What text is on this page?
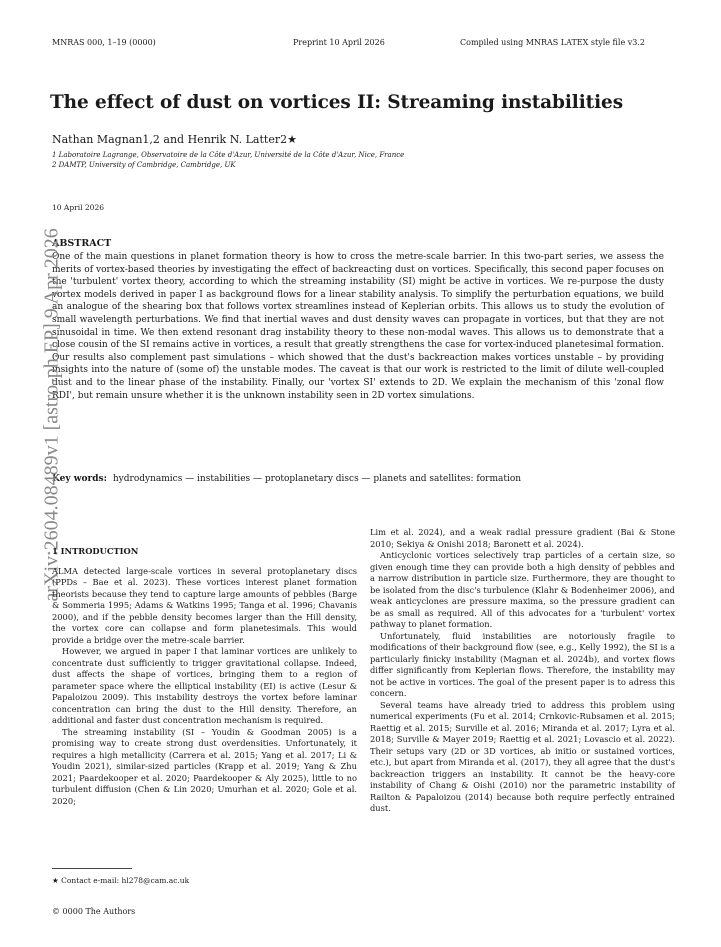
MNRAS 000, 1–19 (0000)	Preprint 10 April 2026	Compiled using MNRAS LATEX style file v3.2
The effect of dust on vortices II: Streaming instabilities
Nathan Magnan1,2 and Henrik N. Latter2★
1 Laboratoire Lagrange, Observatoire de la Côte d'Azur, Université de la Côte d'Azur, Nice, France
2 DAMTP, University of Cambridge, Cambridge, UK
10 April 2026
ABSTRACT
One of the main questions in planet formation theory is how to cross the metre-scale barrier. In this two-part series, we assess the merits of vortex-based theories by investigating the effect of backreacting dust on vortices. Specifically, this second paper focuses on the 'turbulent' vortex theory, according to which the streaming instability (SI) might be active in vortices. We re-purpose the dusty vortex models derived in paper I as background flows for a linear stability analysis. To simplify the perturbation equations, we build an analogue of the shearing box that follows vortex streamlines instead of Keplerian orbits. This allows us to study the evolution of small wavelength perturbations. We find that inertial waves and dust density waves can propagate in vortices, but that they are not sinusoidal in time. We then extend resonant drag instability theory to these non-modal waves. This allows us to demonstrate that a close cousin of the SI remains active in vortices, a result that greatly strengthens the case for vortex-induced planetesimal formation. Our results also complement past simulations – which showed that the dust's backreaction makes vortices unstable – by providing insights into the nature of (some of) the unstable modes. The caveat is that our work is restricted to the limit of dilute well-coupled dust and to the linear phase of the instability. Finally, our 'vortex SI' extends to 2D. We explain the mechanism of this 'zonal flow RDI', but remain unsure whether it is the unknown instability seen in 2D vortex simulations.
Key words: hydrodynamics — instabilities — protoplanetary discs — planets and satellites: formation
arXiv:2604.08489v1 [astro-ph.EP] 9 Apr 2026
1 INTRODUCTION

ALMA detected large-scale vortices in several protoplanetary discs (PPDs – Bae et al. 2023). These vortices interest planet formation theorists because they tend to capture large amounts of pebbles (Barge & Sommeria 1995; Adams & Watkins 1995; Tanga et al. 1996; Chavanis 2000), and if the pebble density becomes larger than the Hill density, the vortex core can collapse and form planetesimals. This would provide a bridge over the metre-scale barrier.

However, we argued in paper I that laminar vortices are unlikely to concentrate dust sufficiently to trigger gravitational collapse. Indeed, dust affects the shape of vortices, bringing them to a region of parameter space where the elliptical instability (EI) is active (Lesur & Papaloizou 2009). This instability destroys the vortex before laminar concentration can bring the dust to the Hill density. Therefore, an additional and faster dust concentration mechanism is required.

The streaming instability (SI – Youdin & Goodman 2005) is a promising way to create strong dust overdensities. Unfortunately, it requires a high metallicity (Carrera et al. 2015; Yang et al. 2017; Li & Youdin 2021), similar-sized particles (Krapp et al. 2019; Yang & Zhu 2021; Paardekooper et al. 2020; Paardekooper & Aly 2025), little to no turbulent diffusion (Chen & Lin 2020; Umurhan et al. 2020; Gole et al. 2020;

Lim et al. 2024), and a weak radial pressure gradient (Bai & Stone 2010; Sekiya & Onishi 2018; Baronett et al. 2024).

Anticyclonic vortices selectively trap particles of a certain size, so given enough time they can provide both a high density of pebbles and a narrow distribution in particle size. Furthermore, they are thought to be isolated from the disc's turbulence (Klahr & Bodenheimer 2006), and weak anticyclones are pressure maxima, so the pressure gradient can be as small as required. All of this advocates for a 'turbulent' vortex pathway to planet formation.

Unfortunately, fluid instabilities are notoriously fragile to modifications of their background flow (see, e.g., Kelly 1992), the SI is a particularly finicky instability (Magnan et al. 2024b), and vortex flows differ significantly from Keplerian flows. Therefore, the instability may not be active in vortices. The goal of the present paper is to adress this concern.

Several teams have already tried to address this problem using numerical experiments (Fu et al. 2014; Crnkovic-Rubsamen et al. 2015; Raettig et al. 2015; Surville et al. 2016; Miranda et al. 2017; Lyra et al. 2018; Surville & Mayer 2019; Raettig et al. 2021; Lovascio et al. 2022). Their setups vary (2D or 3D vortices, ab initio or sustained vortices, etc.), but apart from Miranda et al. (2017), they all agree that the dust's backreaction triggers an instability. It cannot be the heavy-core instability of Chang & Oishi (2010) nor the parametric instability of Railton & Papaloizou (2014) because both require perfectly entrained dust.

★ Contact e-mail: hl278@cam.ac.uk
© 0000 The Authors
